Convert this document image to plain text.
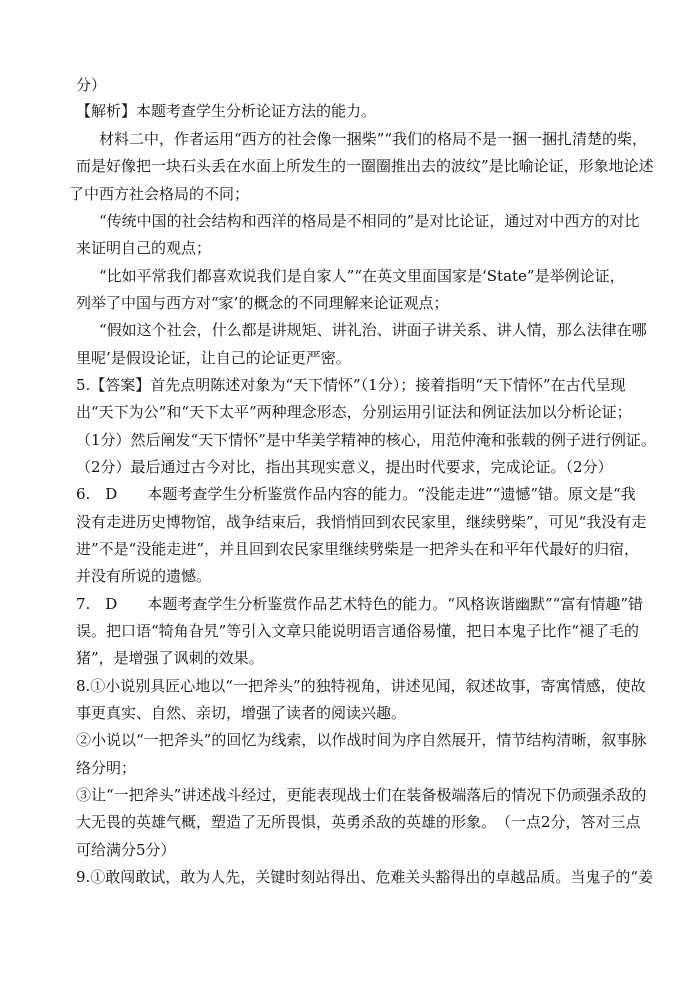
分）
【解析】本题考查学生分析论证方法的能力。
材料二中，作者运用“西方的社会像一捆柴”“我们的格局不是一捆一捆扎清楚的柴，
而是好像把一块石头丢在水面上所发生的一圈圈推出去的波纹”是比喻论证，形象地论述
了中西方社会格局的不同；
“传统中国的社会结构和西洋的格局是不相同的”是对比论证，通过对中西方的对比
来证明自己的观点；
“比如平常我们都喜欢说我们是自家人”“在英文里面国家是‘State”是举例论证，
列举了中国与西方对“家’的概念的不同理解来论证观点；
“假如这个社会，什么都是讲规矩、讲礼治、讲面子讲关系、讲人情，那么法律在哪
里呢’是假设论证，让自己的论证更严密。
5.【答案】首先点明陈述对象为“天下情怀”（1分）；接着指明“天下情怀”在古代呈现
出“天下为公”和“天下太平”两种理念形态，分别运用引证法和例证法加以分析论证；
（1分）然后阐发“天下情怀”是中华美学精神的核心，用范仲淹和张载的例子进行例证。
（2分）最后通过古今对比，指出其现实意义，提出时代要求，完成论证。（2分）
6.　D　　本题考查学生分析鉴赏作品内容的能力。“没能走进”“遗憾”错。原文是“我
没有走进历史博物馆，战争结束后，我悄悄回到农民家里，继续劈柴”，可见“我没有走
进”不是“没能走进”，并且回到农民家里继续劈柴是一把斧头在和平年代最好的归宿，
并没有所说的遗憾。
7.　D　　本题考查学生分析鉴赏作品艺术特色的能力。“风格诙谐幽默”“富有情趣”错
误。把口语“犄角旮旯”等引入文章只能说明语言通俗易懂，把日本鬼子比作“褪了毛的
猪”，是增强了讽刺的效果。
8.①小说别具匠心地以“一把斧头”的独特视角，讲述见闻，叙述故事，寄寓情感，使故
事更真实、自然、亲切，增强了读者的阅读兴趣。
②小说以“一把斧头”的回忆为线索，以作战时间为序自然展开，情节结构清晰，叙事脉
络分明；
③让“一把斧头”讲述战斗经过，更能表现战士们在装备极端落后的情况下仍顽强杀敌的
大无畏的英雄气概，塑造了无所畏惧，英勇杀敌的英雄的形象。　（一点2分，答对三点
可给满分5分）
9.①敢闯敢试，敢为人先，关键时刻站得出、危难关头豁得出的卓越品质。当鬼子的“姜
